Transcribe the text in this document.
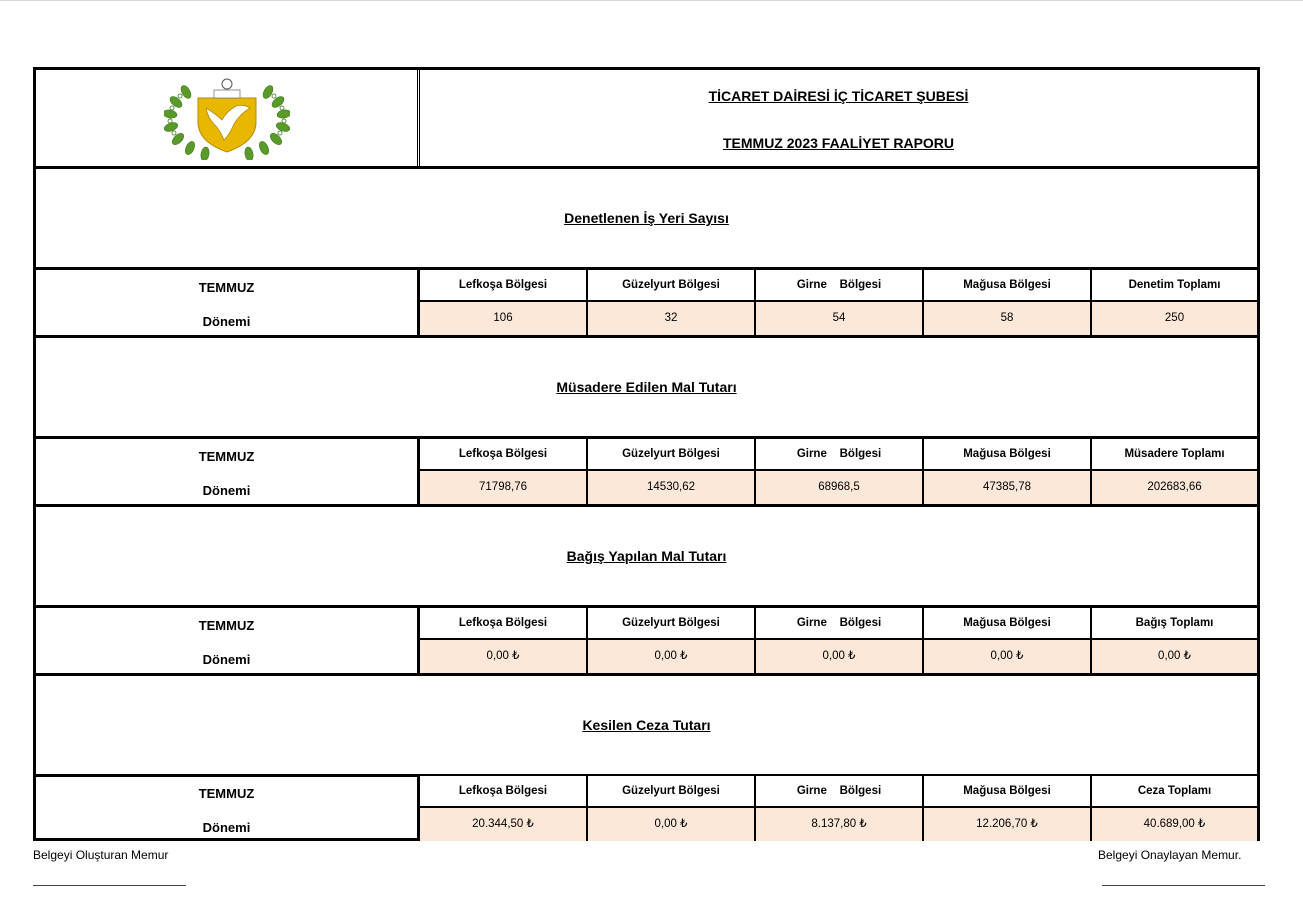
TİCARET DAİRESİ İÇ TİCARET ŞUBESİ
TEMMUZ 2023 FAALİYET RAPORU
Denetlenen İş Yeri Sayısı
TEMMUZ
Dönemi
Lefkoşa Bölgesi
106
Güzelyurt Bölgesi
32
Girne    Bölgesi
54
Mağusa Bölgesi
58
Denetim Toplamı
250
Müsadere Edilen Mal Tutarı
TEMMUZ
Dönemi
Lefkoşa Bölgesi
71798,76
Güzelyurt Bölgesi
14530,62
Girne    Bölgesi
68968,5
Mağusa Bölgesi
47385,78
Müsadere Toplamı
202683,66
Bağış Yapılan Mal Tutarı
TEMMUZ
Dönemi
Lefkoşa Bölgesi
0,00 ₺
Güzelyurt Bölgesi
0,00 ₺
Girne    Bölgesi
0,00 ₺
Mağusa Bölgesi
0,00 ₺
Bağış Toplamı
0,00 ₺
Kesilen Ceza Tutarı
TEMMUZ
Dönemi
Lefkoşa Bölgesi
20.344,50 ₺
Güzelyurt Bölgesi
0,00 ₺
Girne    Bölgesi
8.137,80 ₺
Mağusa Bölgesi
12.206,70 ₺
Ceza Toplamı
40.689,00 ₺
Belgeyi Oluşturan Memur	Belgeyi Onaylayan Memur.
